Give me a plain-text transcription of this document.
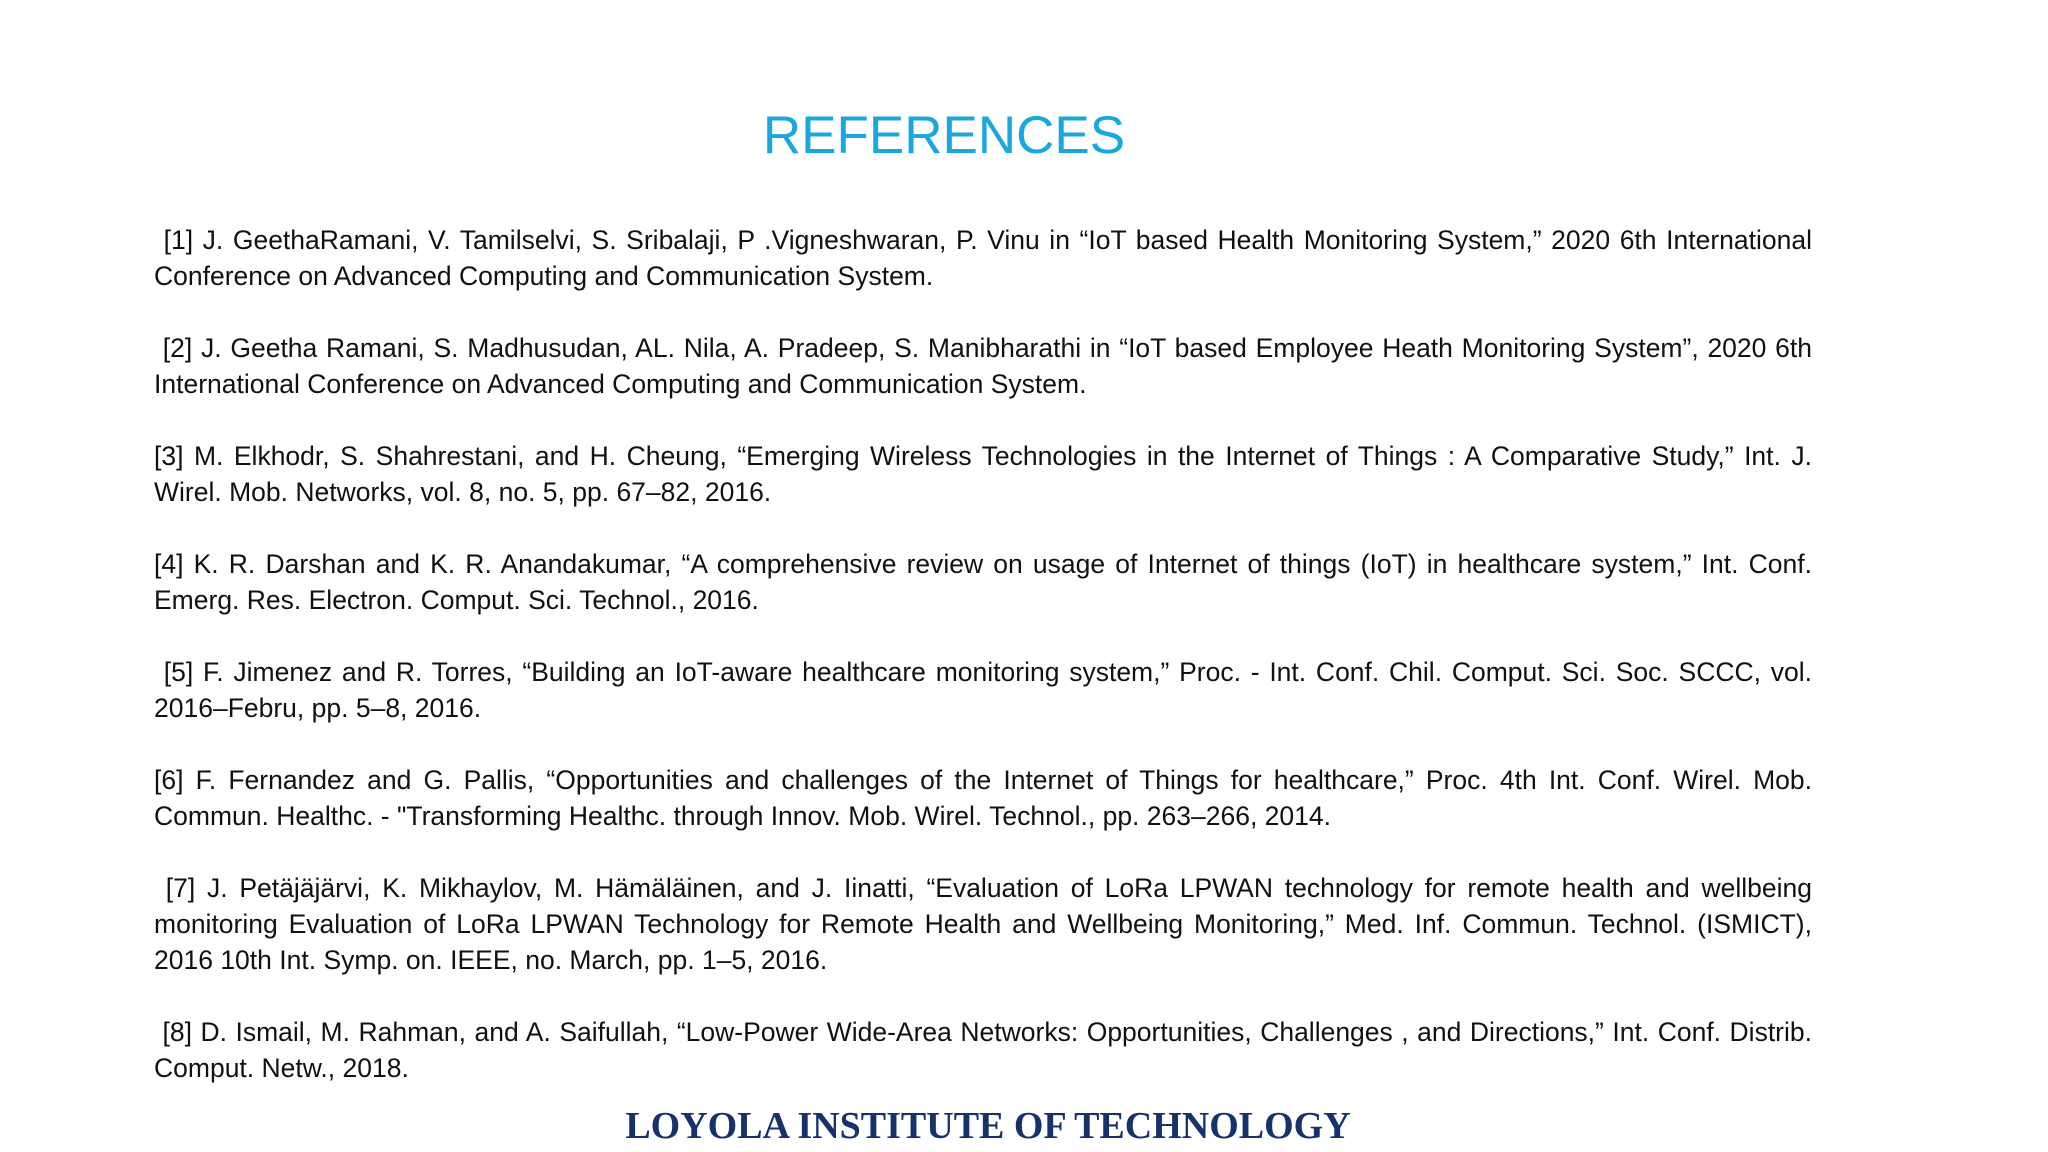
REFERENCES

[1] J. GeethaRamani, V. Tamilselvi, S. Sribalaji, P .Vigneshwaran, P. Vinu in “IoT based Health Monitoring System,” 2020 6th International Conference on Advanced Computing and Communication System.

[2] J. Geetha Ramani, S. Madhusudan, AL. Nila, A. Pradeep, S. Manibharathi in “IoT based Employee Heath Monitoring System”, 2020 6th International Conference on Advanced Computing and Communication System.

[3] M. Elkhodr, S. Shahrestani, and H. Cheung, “Emerging Wireless Technologies in the Internet of Things : A Comparative Study,” Int. J. Wirel. Mob. Networks, vol. 8, no. 5, pp. 67–82, 2016.

[4] K. R. Darshan and K. R. Anandakumar, “A comprehensive review on usage of Internet of things (IoT) in healthcare system,” Int. Conf. Emerg. Res. Electron. Comput. Sci. Technol., 2016.

[5] F. Jimenez and R. Torres, “Building an IoT-aware healthcare monitoring system,” Proc. - Int. Conf. Chil. Comput. Sci. Soc. SCCC, vol. 2016–Febru, pp. 5–8, 2016.

[6] F. Fernandez and G. Pallis, “Opportunities and challenges of the Internet of Things for healthcare,” Proc. 4th Int. Conf. Wirel. Mob. Commun. Healthc. - "Transforming Healthc. through Innov. Mob. Wirel. Technol., pp. 263–266, 2014.

[7] J. Petäjäjärvi, K. Mikhaylov, M. Hämäläinen, and J. Iinatti, “Evaluation of LoRa LPWAN technology for remote health and wellbeing monitoring Evaluation of LoRa LPWAN Technology for Remote Health and Wellbeing Monitoring,” Med. Inf. Commun. Technol. (ISMICT), 2016 10th Int. Symp. on. IEEE, no. March, pp. 1–5, 2016.

[8] D. Ismail, M. Rahman, and A. Saifullah, “Low-Power Wide-Area Networks: Opportunities, Challenges , and Directions,” Int. Conf. Distrib. Comput. Netw., 2018.

LOYOLA INSTITUTE OF TECHNOLOGY
